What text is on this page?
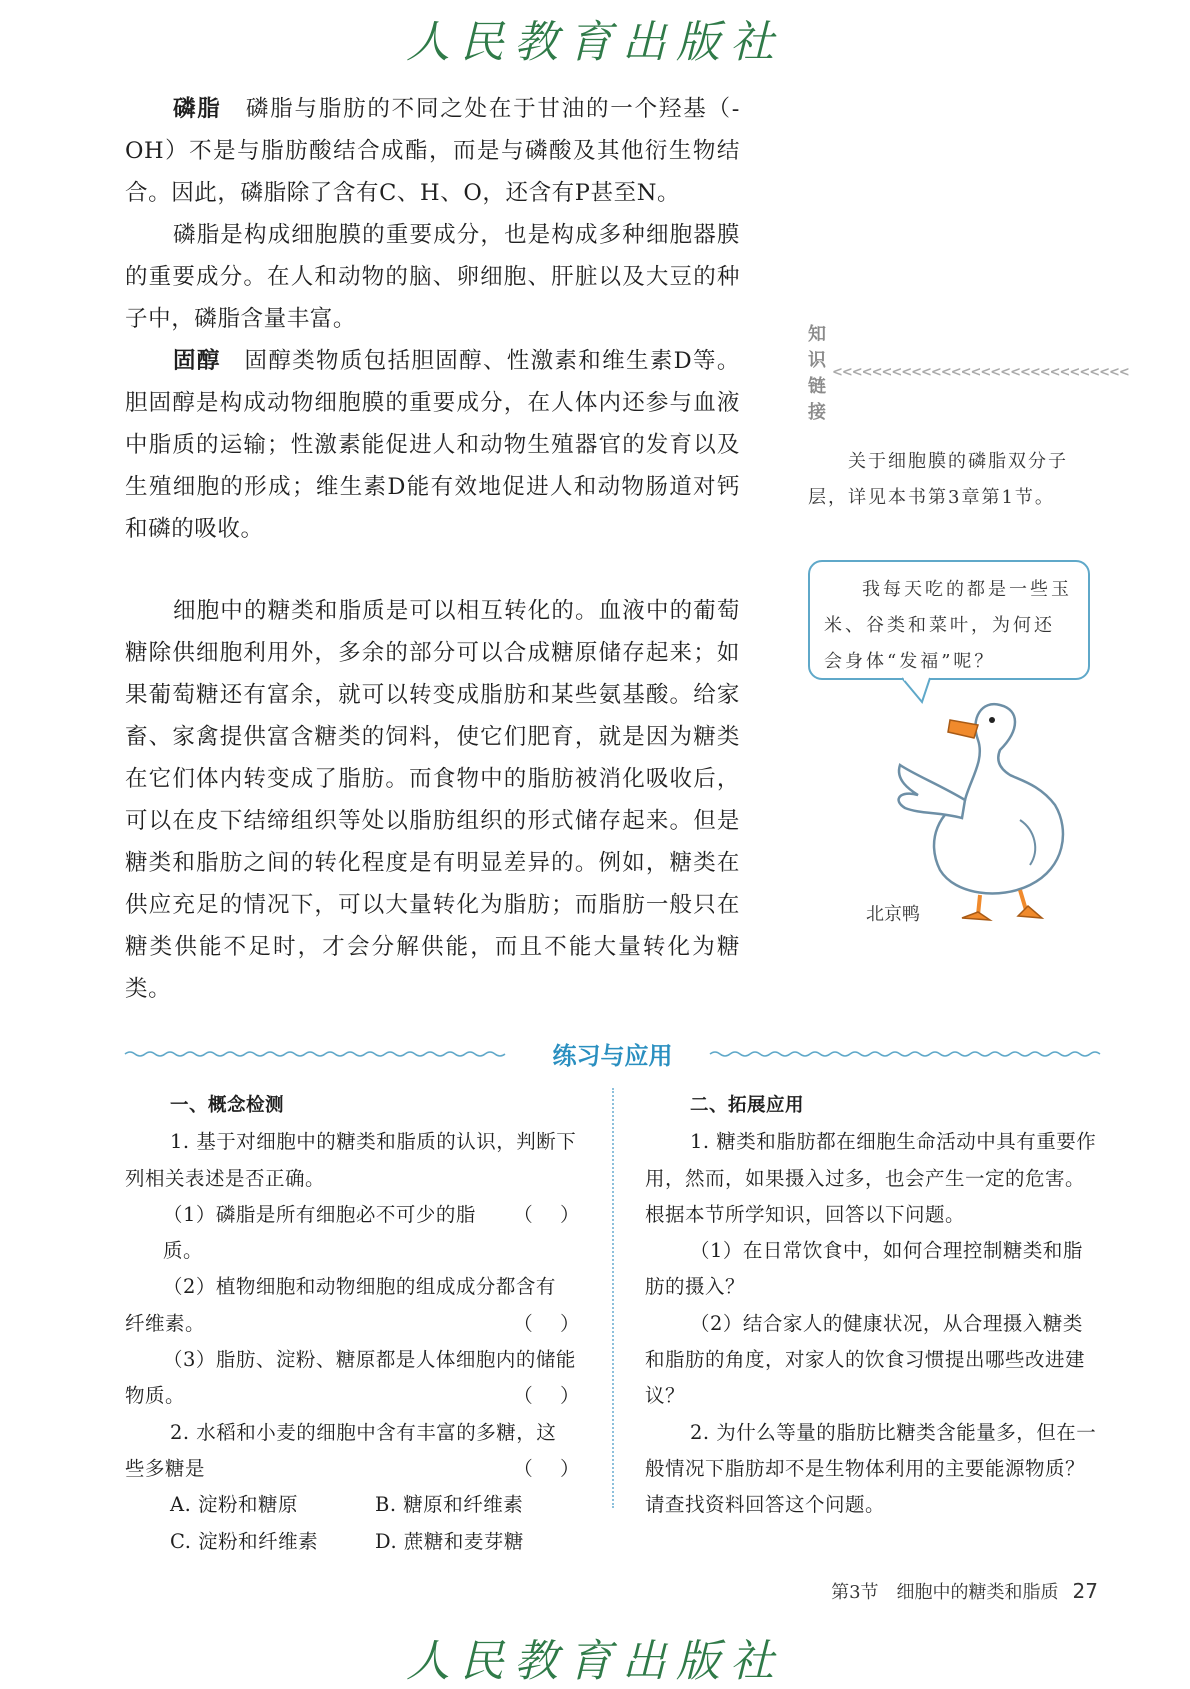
人民教育出版社

磷脂　 磷脂与脂肪的不同之处在于甘油的一个羟基（-OH）不是与脂肪酸结合成酯，而是与磷酸及其他衍生物结合。因此，磷脂除了含有C、H、O，还含有P甚至N。

磷脂是构成细胞膜的重要成分，也是构成多种细胞器膜的重要成分。在人和动物的脑、卵细胞、肝脏以及大豆的种子中，磷脂含量丰富。

固醇　 固醇类物质包括胆固醇、性激素和维生素D等。胆固醇是构成动物细胞膜的重要成分，在人体内还参与血液中脂质的运输；性激素能促进人和动物生殖器官的发育以及生殖细胞的形成；维生素D能有效地促进人和动物肠道对钙和磷的吸收。

细胞中的糖类和脂质是可以相互转化的。血液中的葡萄糖除供细胞利用外，多余的部分可以合成糖原储存起来；如果葡萄糖还有富余，就可以转变成脂肪和某些氨基酸。给家畜、家禽提供富含糖类的饲料，使它们肥育，就是因为糖类在它们体内转变成了脂肪。而食物中的脂肪被消化吸收后，可以在皮下结缔组织等处以脂肪组织的形式储存起来。但是糖类和脂肪之间的转化程度是有明显差异的。例如，糖类在供应充足的情况下，可以大量转化为脂肪；而脂肪一般只在糖类供能不足时，才会分解供能，而且不能大量转化为糖类。

知识链接
<<<<<<<<<<<<<<<<<<<<<<<<<<<<<<
关于细胞膜的磷脂双分子层，详见本书第3章第1节。
我每天吃的都是一些玉米、谷类和菜叶，为何还会身体“发福”呢？
北京鸭
练习与应用
一、概念检测
1. 基于对细胞中的糖类和脂质的认识，判断下列相关表述是否正确。
（1）磷脂是所有细胞必不可少的脂质。
（    ）
（2）植物细胞和动物细胞的组成成分都含有
纤维素。	（    ）
（3）脂肪、淀粉、糖原都是人体细胞内的储能
物质。	（    ）
2. 水稻和小麦的细胞中含有丰富的多糖，这
些多糖是	（    ）
A. 淀粉和糖原	B. 糖原和纤维素
C. 淀粉和纤维素	D. 蔗糖和麦芽糖
二、拓展应用
1. 糖类和脂肪都在细胞生命活动中具有重要作用，然而，如果摄入过多，也会产生一定的危害。根据本节所学知识，回答以下问题。
（1）在日常饮食中，如何合理控制糖类和脂肪的摄入？
（2）结合家人的健康状况，从合理摄入糖类和脂肪的角度，对家人的饮食习惯提出哪些改进建议？
2. 为什么等量的脂肪比糖类含能量多，但在一般情况下脂肪却不是生物体利用的主要能源物质？请查找资料回答这个问题。
第3节　细胞中的糖类和脂质 27
人民教育出版社
